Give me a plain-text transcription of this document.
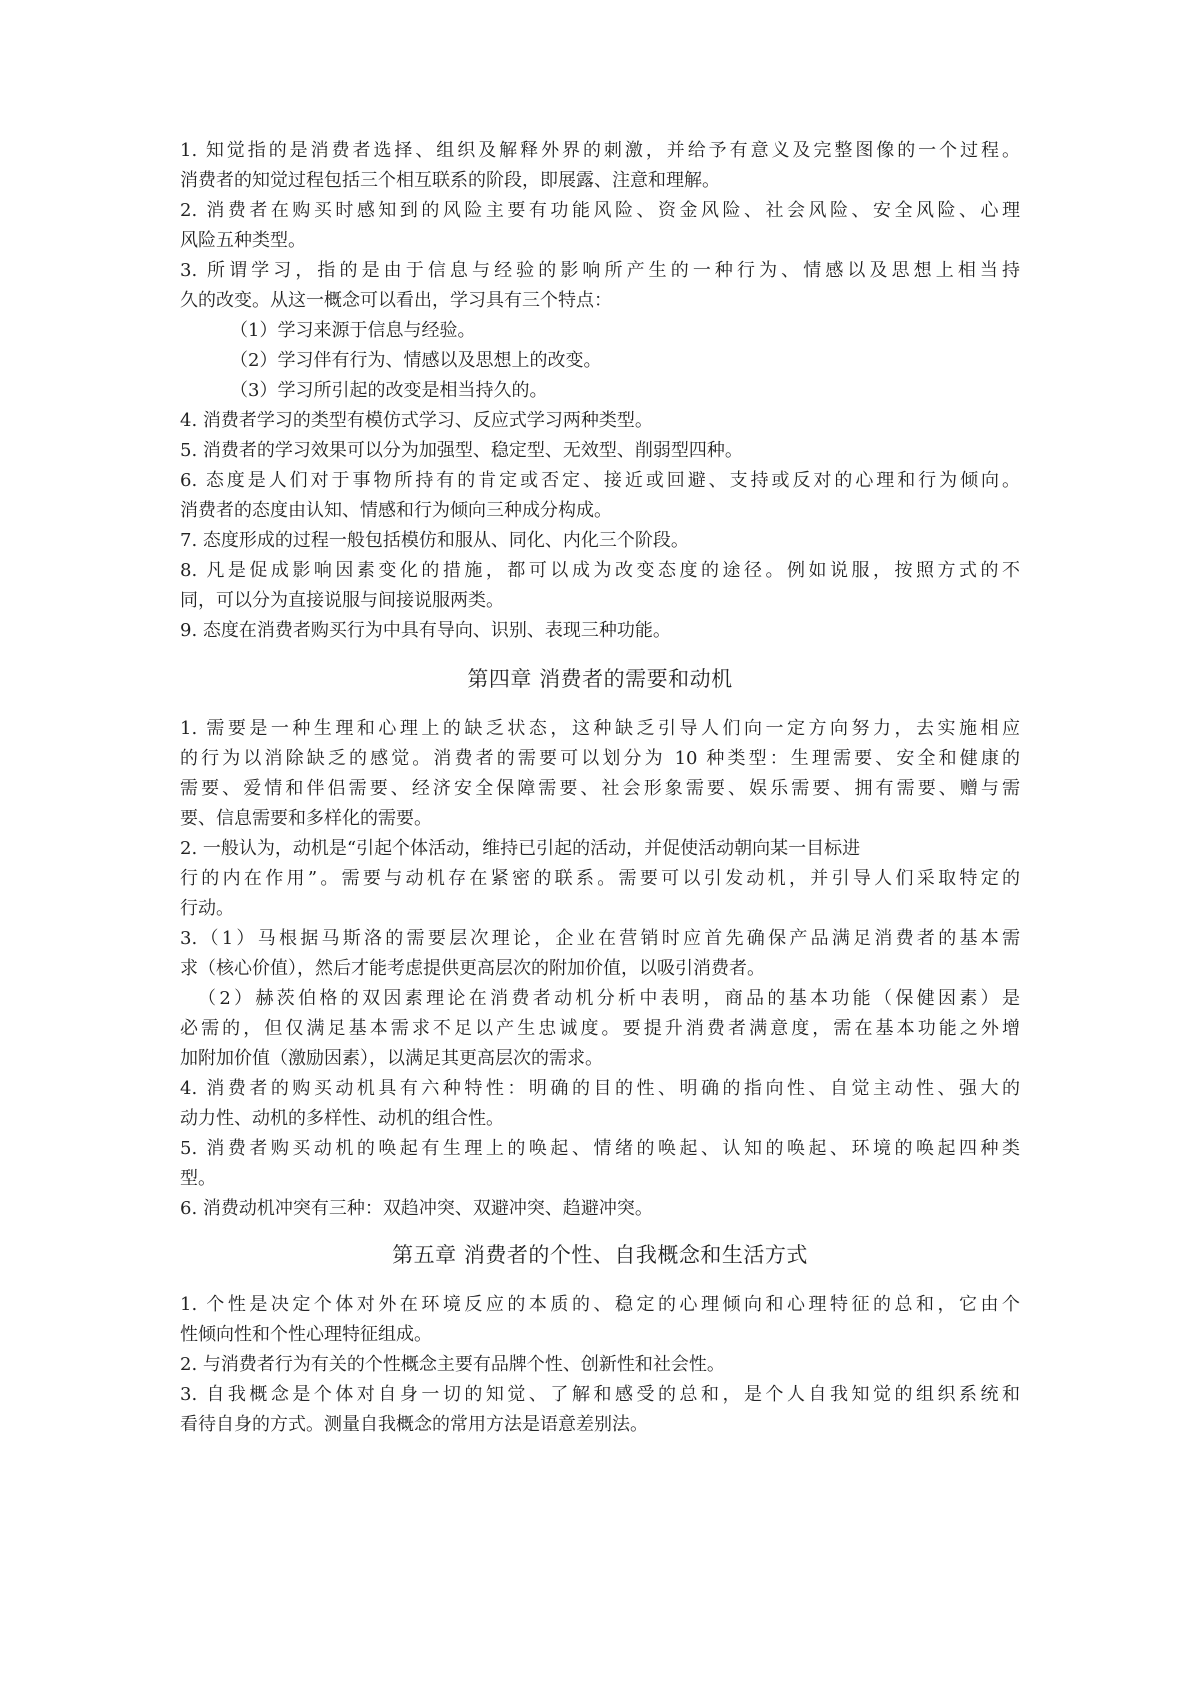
1. 知觉指的是消费者选择、组织及解释外界的刺激，并给予有意义及完整图像的一个过程。
消费者的知觉过程包括三个相互联系的阶段，即展露、注意和理解。
2. 消费者在购买时感知到的风险主要有功能风险、资金风险、社会风险、安全风险、心理
风险五种类型。
3. 所谓学习，指的是由于信息与经验的影响所产生的一种行为、情感以及思想上相当持
久的改变。从这一概念可以看出，学习具有三个特点：
（1）学习来源于信息与经验。
（2）学习伴有行为、情感以及思想上的改变。
（3）学习所引起的改变是相当持久的。
4. 消费者学习的类型有模仿式学习、反应式学习两种类型。
5. 消费者的学习效果可以分为加强型、稳定型、无效型、削弱型四种。
6. 态度是人们对于事物所持有的肯定或否定、接近或回避、支持或反对的心理和行为倾向。
消费者的态度由认知、情感和行为倾向三种成分构成。
7. 态度形成的过程一般包括模仿和服从、同化、内化三个阶段。
8. 凡是促成影响因素变化的措施，都可以成为改变态度的途径。例如说服，按照方式的不
同，可以分为直接说服与间接说服两类。
9. 态度在消费者购买行为中具有导向、识别、表现三种功能。
第四章 消费者的需要和动机
1. 需要是一种生理和心理上的缺乏状态，这种缺乏引导人们向一定方向努力，去实施相应
的行为以消除缺乏的感觉。消费者的需要可以划分为 10 种类型：生理需要、安全和健康的
需要、爱情和伴侣需要、经济安全保障需要、社会形象需要、娱乐需要、拥有需要、赠与需
要、信息需要和多样化的需要。
2. 一般认为，动机是“引起个体活动，维持已引起的活动，并促使活动朝向某一目标进
行的内在作用”。需要与动机存在紧密的联系。需要可以引发动机，并引导人们采取特定的
行动。
3.（1）马根据马斯洛的需要层次理论，企业在营销时应首先确保产品满足消费者的基本需
求（核心价值），然后才能考虑提供更高层次的附加价值，以吸引消费者。
（2）赫茨伯格的双因素理论在消费者动机分析中表明，商品的基本功能（保健因素）是
必需的，但仅满足基本需求不足以产生忠诚度。要提升消费者满意度，需在基本功能之外增
加附加价值（激励因素），以满足其更高层次的需求。
4. 消费者的购买动机具有六种特性：明确的目的性、明确的指向性、自觉主动性、强大的
动力性、动机的多样性、动机的组合性。
5. 消费者购买动机的唤起有生理上的唤起、情绪的唤起、认知的唤起、环境的唤起四种类
型。
6. 消费动机冲突有三种：双趋冲突、双避冲突、趋避冲突。
第五章 消费者的个性、自我概念和生活方式
1. 个性是决定个体对外在环境反应的本质的、稳定的心理倾向和心理特征的总和，它由个
性倾向性和个性心理特征组成。
2. 与消费者行为有关的个性概念主要有品牌个性、创新性和社会性。
3. 自我概念是个体对自身一切的知觉、了解和感受的总和，是个人自我知觉的组织系统和
看待自身的方式。测量自我概念的常用方法是语意差别法。
